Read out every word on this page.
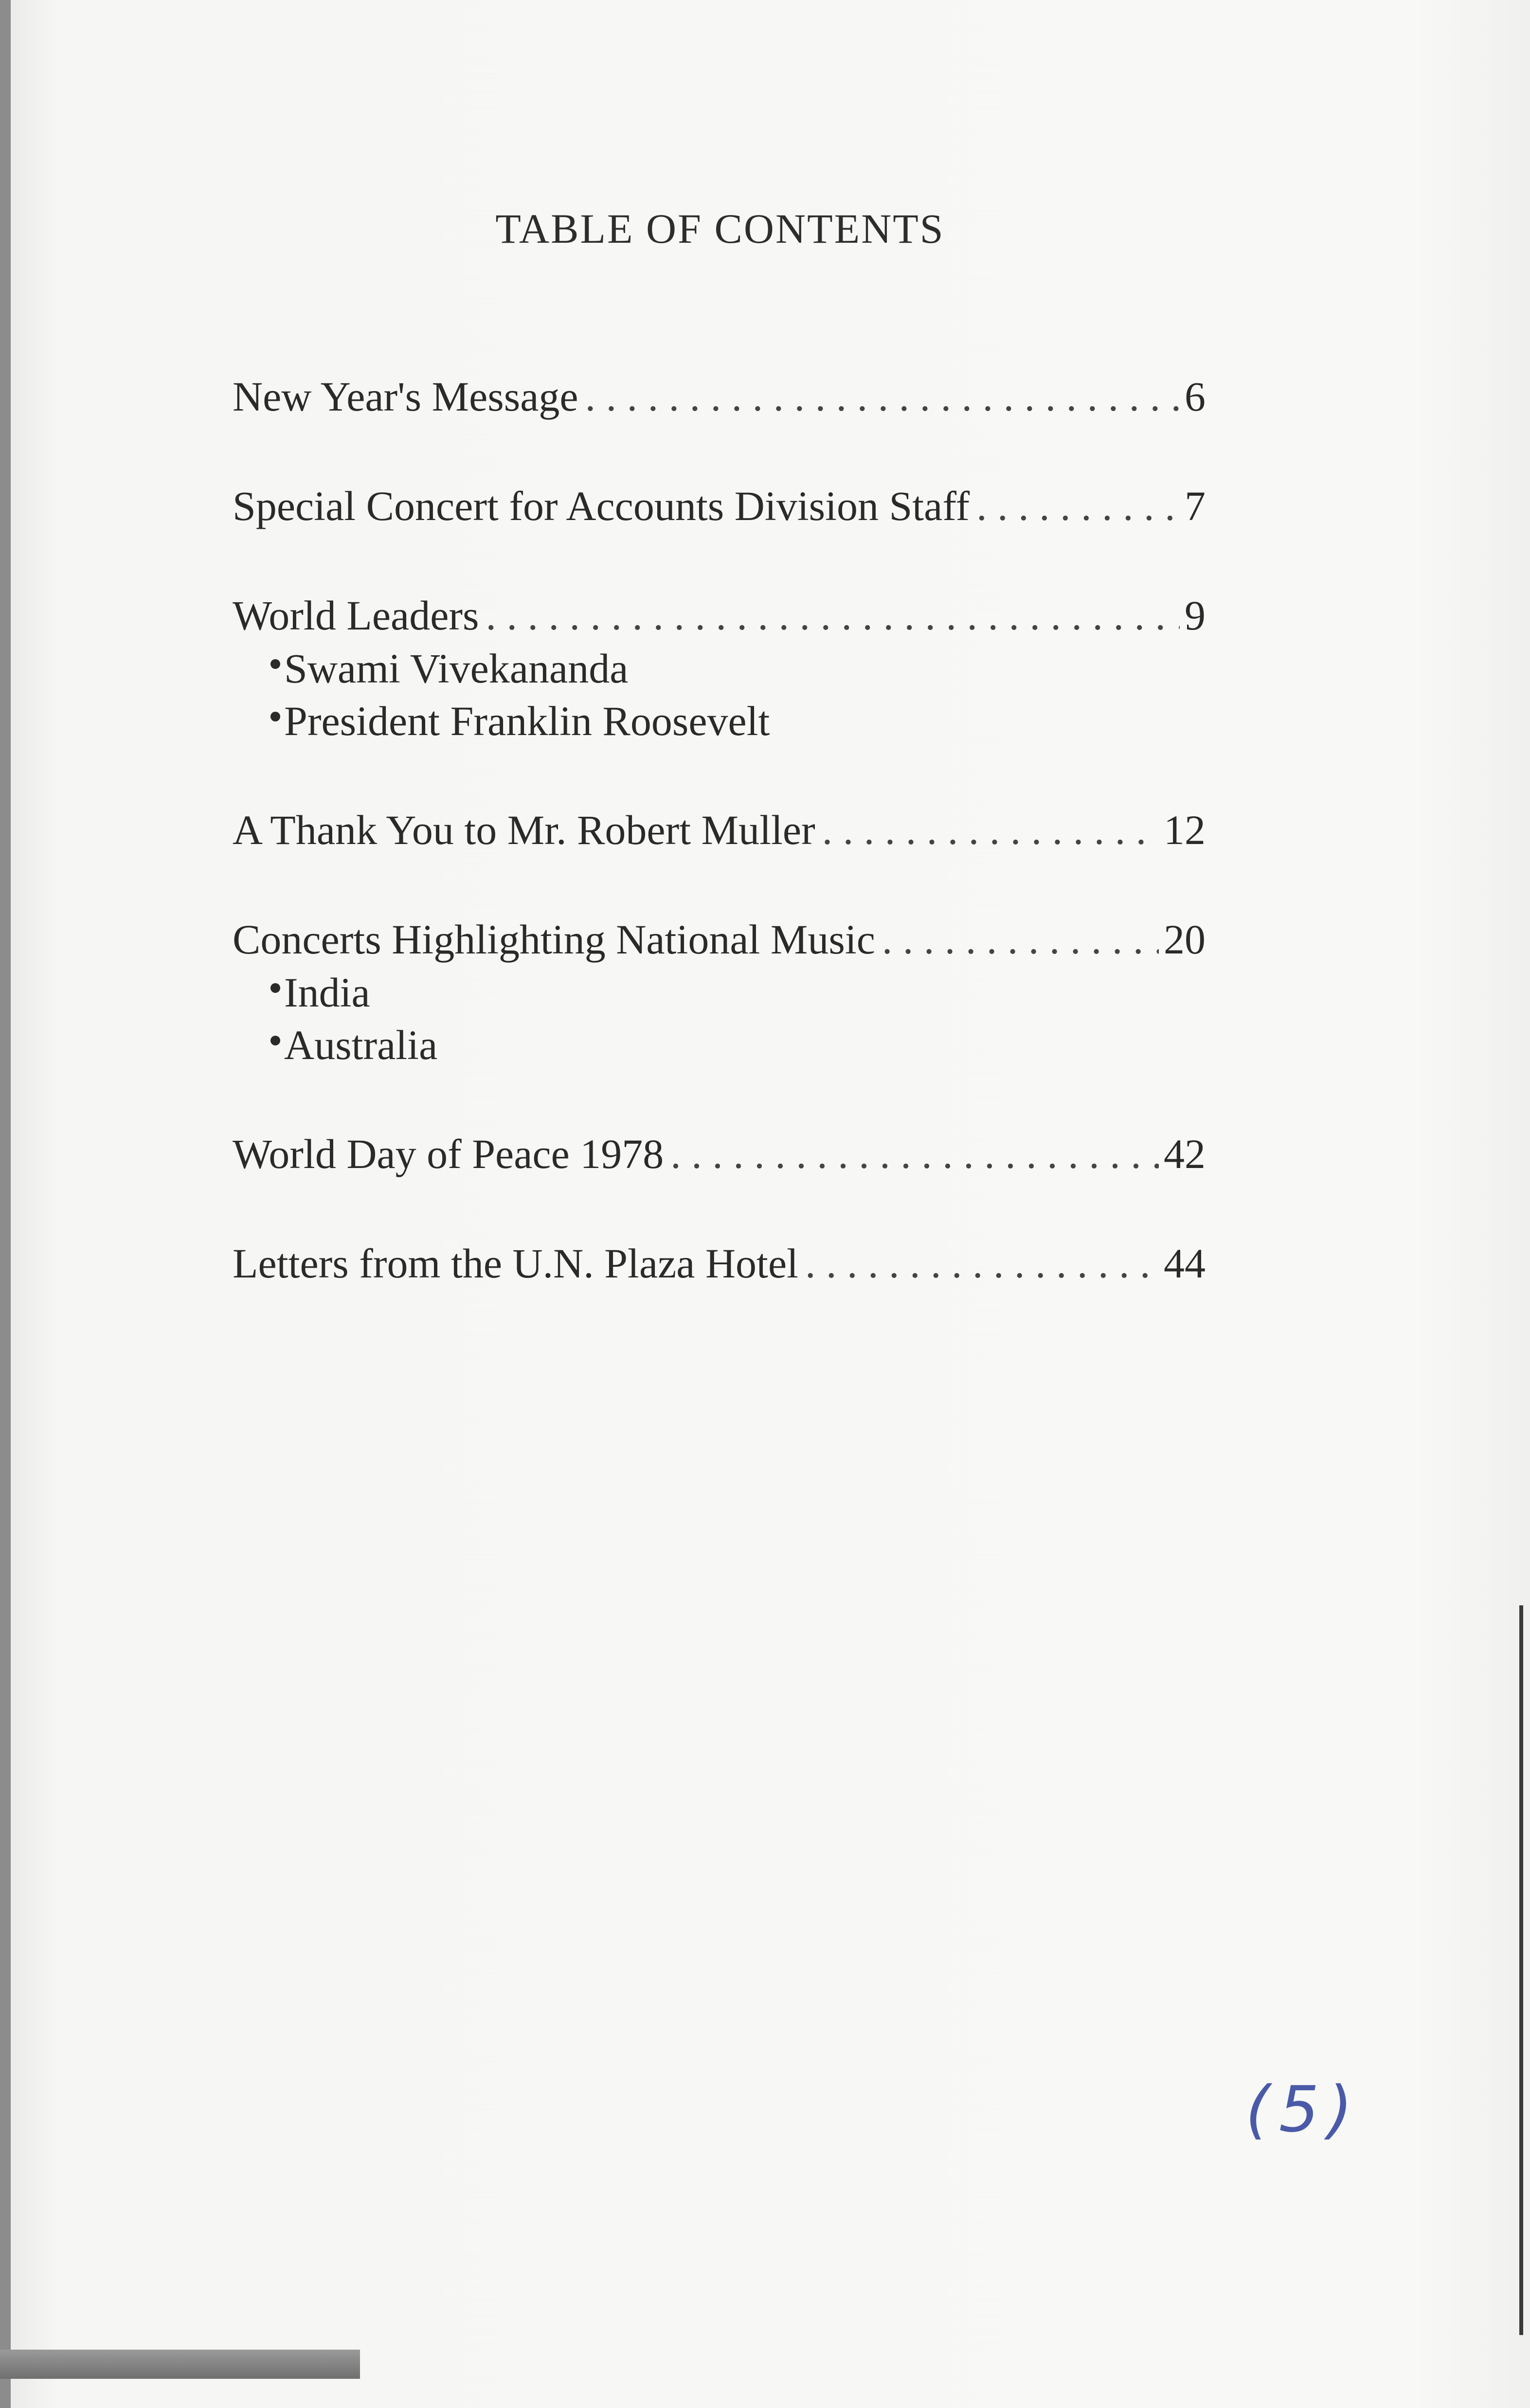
TABLE OF CONTENTS
New Year's Message . . .	6
Special Concert for Accounts Division Staff . . .	7
World Leaders . . .	9
Swami Vivekananda
President Franklin Roosevelt
A Thank You to Mr. Robert Muller . . .	12
Concerts Highlighting National Music . . .	20
India
Australia
World Day of Peace 1978 . . .	42
Letters from the U.N. Plaza Hotel . . .	44
(5)
